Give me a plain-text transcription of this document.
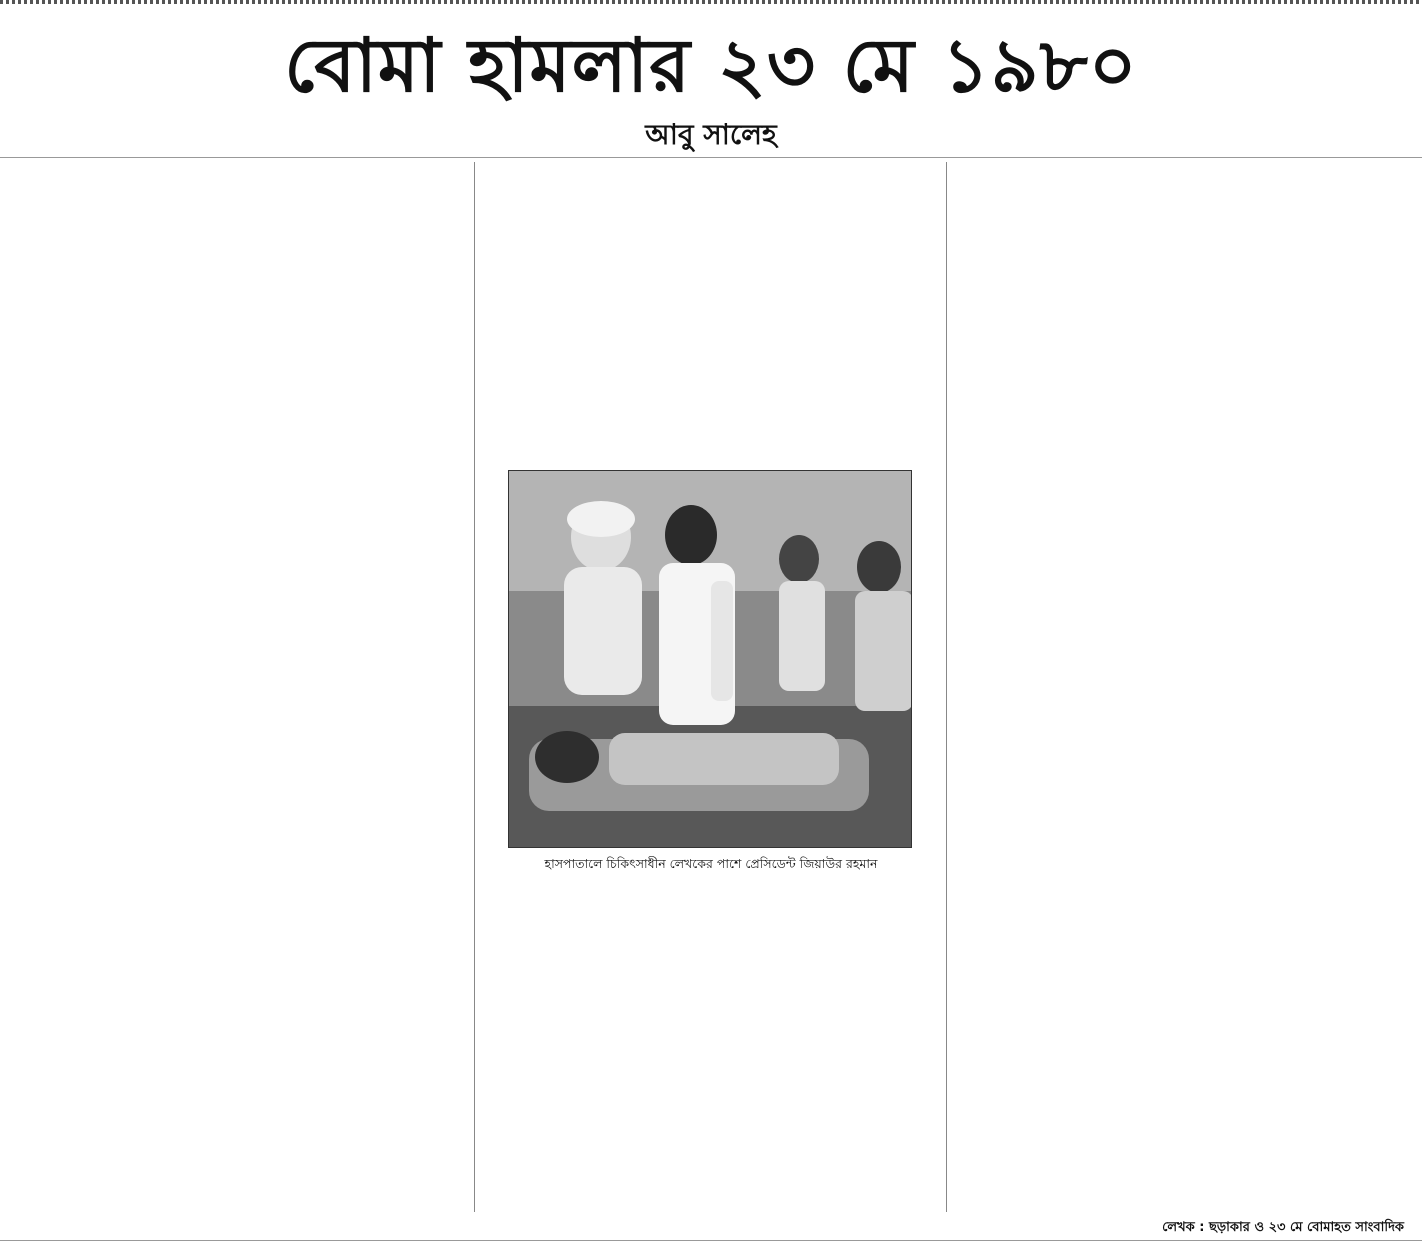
বোমা হামলার ২৩ মে ১৯৮০
আবু সালেহ
হাসপাতালে চিকিৎসাধীন লেখকের পাশে প্রেসিডেন্ট জিয়াউর রহমান
লেখক : ছড়াকার ও ২৩ মে বোমাহত সাংবাদিক
